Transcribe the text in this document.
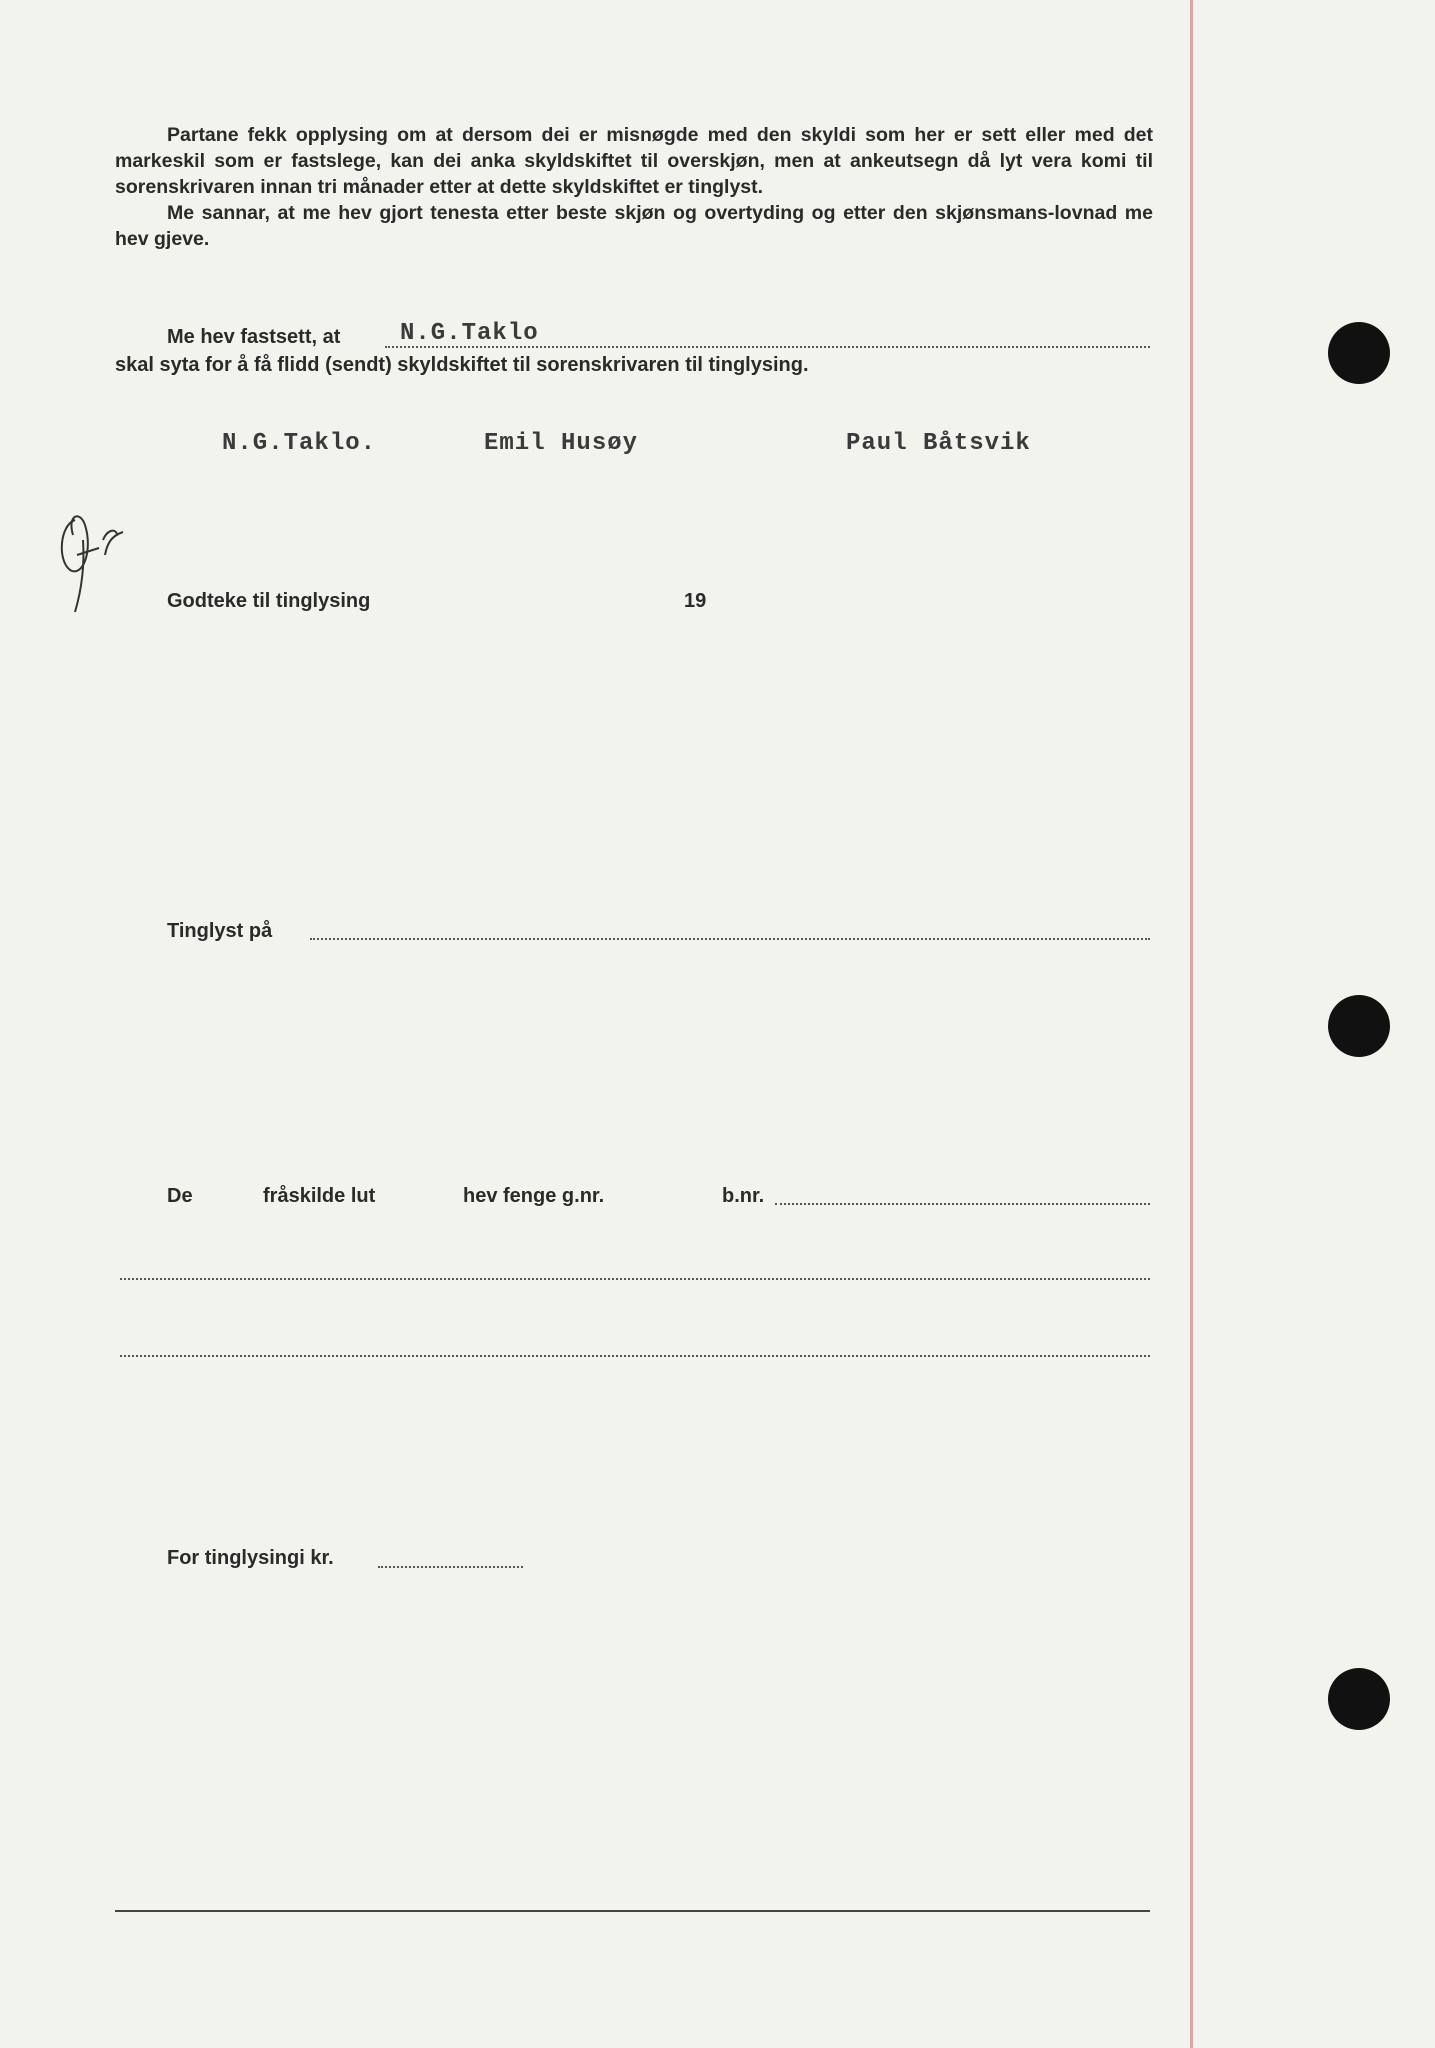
Partane fekk opplysing om at dersom dei er misnøgde med den skyldi som her er sett eller med det markeskil som er fastslege, kan dei anka skyldskiftet til overskjøn, men at ankeutsegn då lyt vera komi til sorenskrivaren innan tri månader etter at dette skyldskiftet er tinglyst.

Me sannar, at me hev gjort tenesta etter beste skjøn og overtyding og etter den skjønsmans-lovnad me hev gjeve.

Me hev fastsett, at N.G.Taklo
skal syta for å få flidd (sendt) skyldskiftet til sorenskrivaren til tinglysing.
N.G.Taklo.	Emil Husøy	Paul Båtsvik
Godteke til tinglysing	19
Tinglyst på
De	fråskilde lut	hev fenge g.nr.	b.nr.
For tinglysingi kr.
